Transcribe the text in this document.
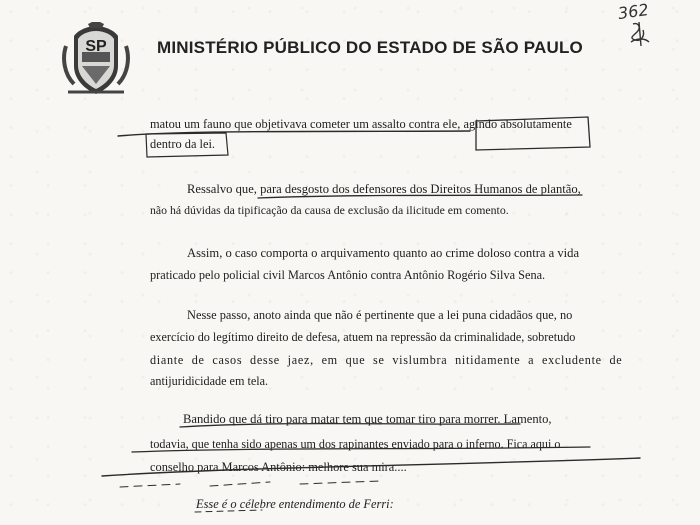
SP	MINISTÉRIO PÚBLICO DO ESTADO DE SÃO PAULO
362
matou um fauno que objetivava cometer um assalto contra ele, agindo absolutamente
dentro da lei.
Ressalvo que, para desgosto dos defensores dos Direitos Humanos de plantão,
não há dúvidas da tipificação da causa de exclusão da ilicitude em comento.
Assim, o caso comporta o arquivamento quanto ao crime doloso contra a vida
praticado pelo policial civil Marcos Antônio contra Antônio Rogério Silva Sena.
Nesse passo, anoto ainda que não é pertinente que a lei puna cidadãos que, no
exercício do legítimo direito de defesa, atuem na repressão da criminalidade, sobretudo
diante de casos desse jaez, em que se vislumbra nitidamente a excludente de
antijuridicidade em tela.
Bandido que dá tiro para matar tem que tomar tiro para morrer. Lamento,
todavia, que tenha sido apenas um dos rapinantes enviado para o inferno. Fica aqui o
conselho para Marcos Antônio: melhore sua mira....
Esse é o célebre entendimento de Ferri:
